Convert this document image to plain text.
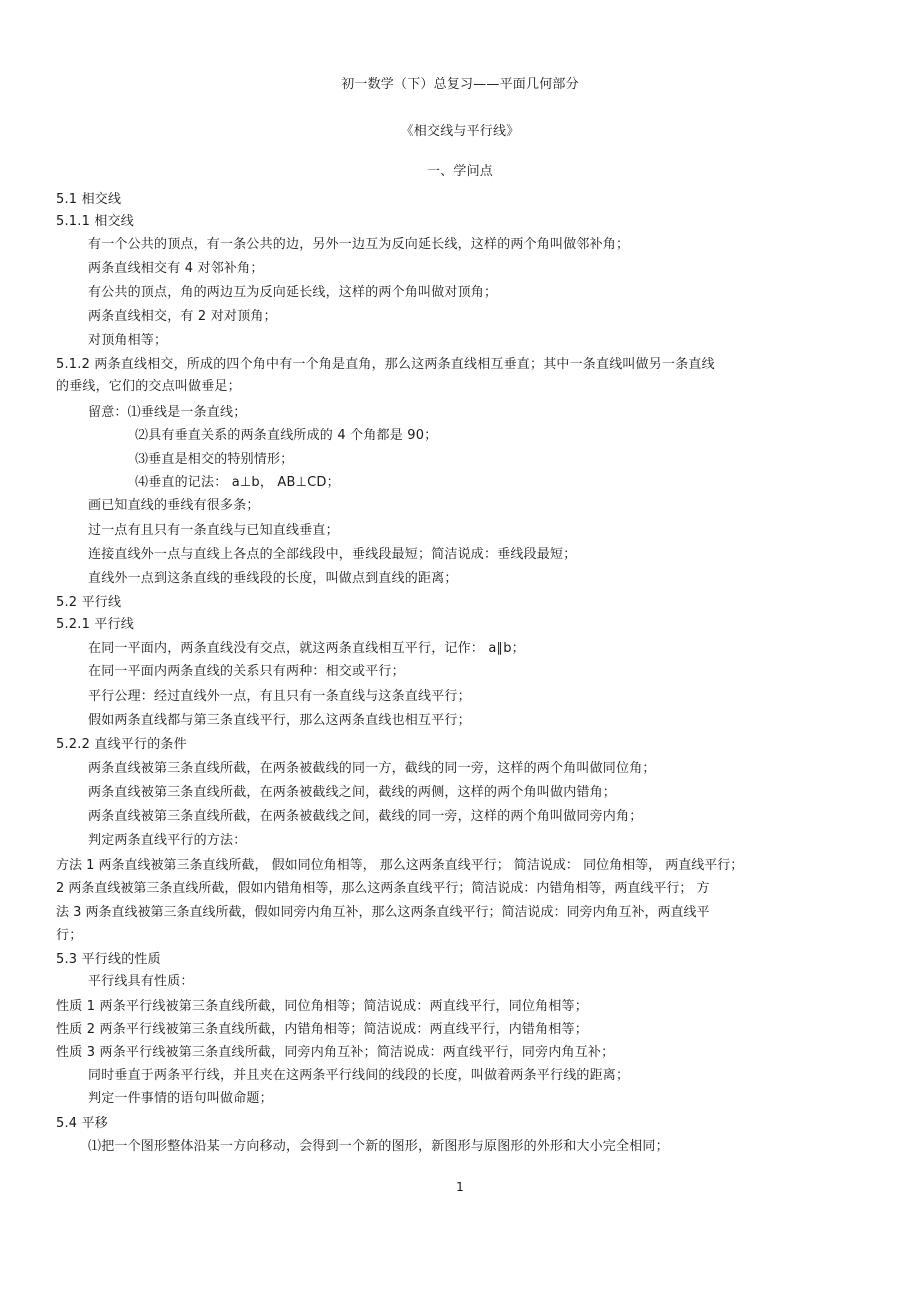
初一数学（下）总复习——平面几何部分
《相交线与平行线》
一、学问点
5.1 相交线
5.1.1 相交线
有一个公共的顶点，有一条公共的边，另外一边互为反向延长线，这样的两个角叫做邻补角；
两条直线相交有 4 对邻补角；
有公共的顶点，角的两边互为反向延长线，这样的两个角叫做对顶角；
两条直线相交，有 2 对对顶角；
对顶角相等；
5.1.2 两条直线相交，所成的四个角中有一个角是直角，那么这两条直线相互垂直；其中一条直线叫做另一条直线
的垂线，它们的交点叫做垂足；
留意：⑴垂线是一条直线；
⑵具有垂直关系的两条直线所成的 4 个角都是 90；
⑶垂直是相交的特别情形；
⑷垂直的记法： a⊥b， AB⊥CD；
画已知直线的垂线有很多条；
过一点有且只有一条直线与已知直线垂直；
连接直线外一点与直线上各点的全部线段中，垂线段最短；简洁说成：垂线段最短；
直线外一点到这条直线的垂线段的长度，叫做点到直线的距离；
5.2 平行线
5.2.1 平行线
在同一平面内，两条直线没有交点，就这两条直线相互平行，记作： a∥b；
在同一平面内两条直线的关系只有两种：相交或平行；
平行公理：经过直线外一点，有且只有一条直线与这条直线平行；
假如两条直线都与第三条直线平行，那么这两条直线也相互平行；
5.2.2 直线平行的条件
两条直线被第三条直线所截，在两条被截线的同一方，截线的同一旁，这样的两个角叫做同位角；
两条直线被第三条直线所截，在两条被截线之间，截线的两侧，这样的两个角叫做内错角；
两条直线被第三条直线所截，在两条被截线之间，截线的同一旁，这样的两个角叫做同旁内角；
判定两条直线平行的方法：
方法 1 两条直线被第三条直线所截， 假如同位角相等， 那么这两条直线平行； 简洁说成： 同位角相等， 两直线平行；
2 两条直线被第三条直线所截，假如内错角相等，那么这两条直线平行；简洁说成：内错角相等，两直线平行； 方
法 3 两条直线被第三条直线所截，假如同旁内角互补，那么这两条直线平行；简洁说成：同旁内角互补，两直线平
行；
5.3 平行线的性质
平行线具有性质：
性质 1 两条平行线被第三条直线所截，同位角相等；简洁说成：两直线平行，同位角相等；
性质 2 两条平行线被第三条直线所截，内错角相等；简洁说成：两直线平行，内错角相等；
性质 3 两条平行线被第三条直线所截，同旁内角互补；简洁说成：两直线平行，同旁内角互补；
同时垂直于两条平行线，并且夹在这两条平行线间的线段的长度，叫做着两条平行线的距离；
判定一件事情的语句叫做命题；
5.4 平移
⑴把一个图形整体沿某一方向移动，会得到一个新的图形，新图形与原图形的外形和大小完全相同；
1
